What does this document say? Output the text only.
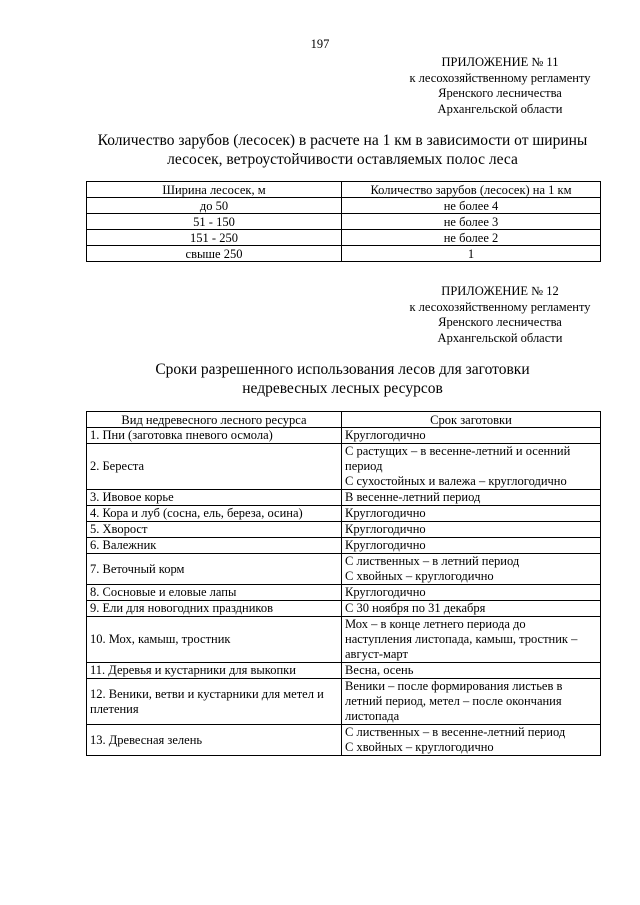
197
ПРИЛОЖЕНИЕ № 11
к лесохозяйственному регламенту
Яренского лесничества
Архангельской области
Количество зарубов (лесосек) в расчете на 1 км в зависимости от ширины
лесосек, ветроустойчивости оставляемых полос леса
Ширина лесосек, м	Количество зарубов (лесосек) на 1 км
до 50	не более 4
51 - 150	не более 3
151 - 250	не более 2
свыше 250	1
ПРИЛОЖЕНИЕ № 12
к лесохозяйственному регламенту
Яренского лесничества
Архангельской области
Сроки разрешенного использования лесов для заготовки
недревесных лесных ресурсов
Вид недревесного лесного ресурса	Срок заготовки
1. Пни (заготовка пневого осмола)	Круглогодично

2. Береста	С растущих – в весенне-летний и осенний
период
С сухостойных и валежа – круглогодично

3. Ивовое корье	В весенне-летний период

4. Кора и луб (сосна, ель, береза, осина)	Круглогодично

5. Хворост	Круглогодично

6. Валежник	Круглогодично

7. Веточный корм	С лиственных – в летний период
С хвойных – круглогодично

8. Сосновые и еловые лапы	Круглогодично

9. Ели для новогодних праздников	С 30 ноября по 31 декабря

10. Мох, камыш, тростник	Мох – в конце летнего периода до
наступления листопада, камыш, тростник –
август-март

11. Деревья и кустарники для выкопки	Весна, осень

12. Веники, ветви и кустарники для метел и плетения	Веники – после формирования листьев в
летний период, метел – после окончания
листопада

13. Древесная зелень	С лиственных – в весенне-летний период
С хвойных – круглогодично
